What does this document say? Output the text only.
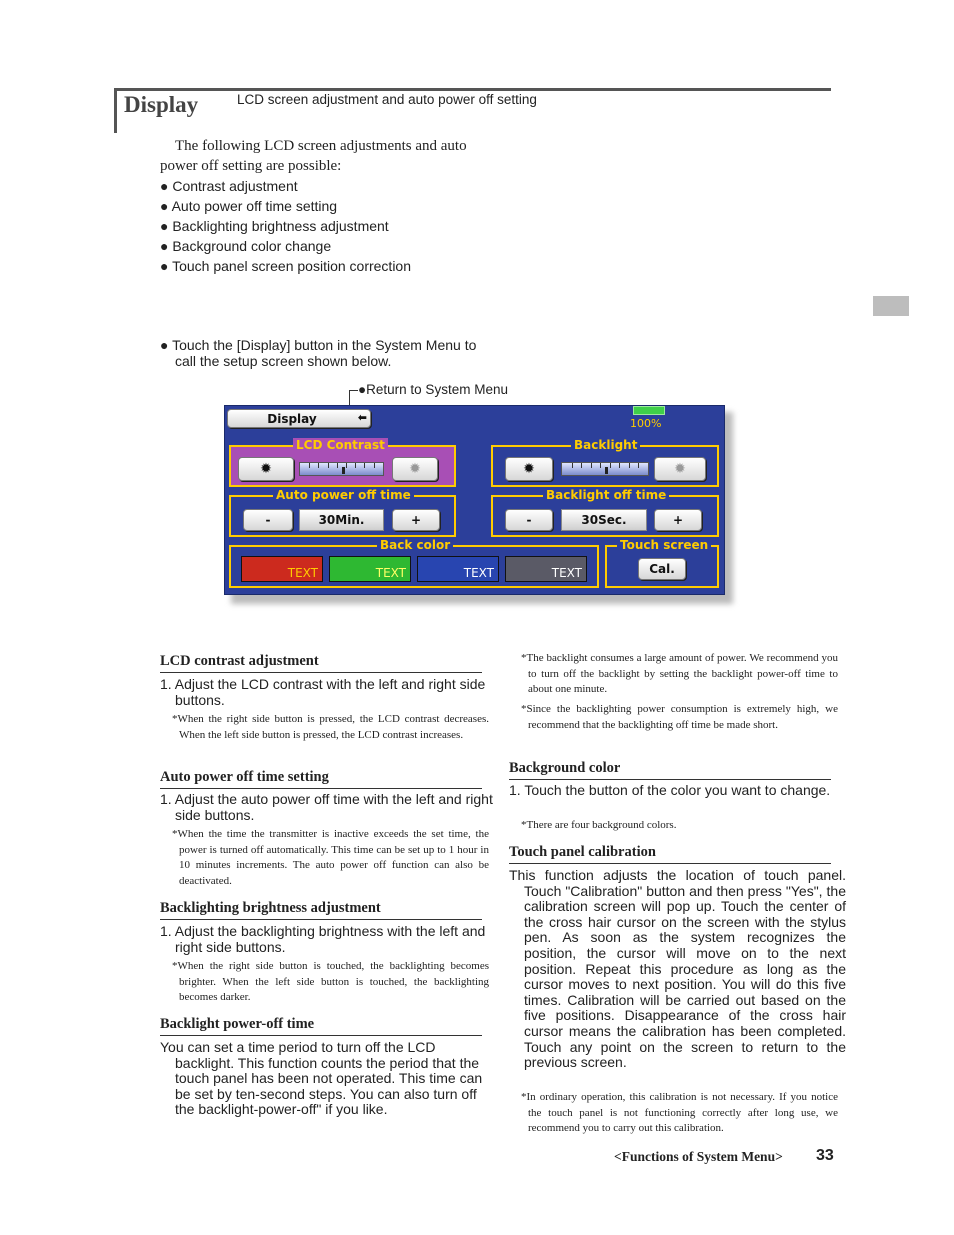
Display	LCD screen adjustment and auto power off setting
The following LCD screen adjustments and auto power off setting are possible:
● Contrast adjustment
● Auto power off time setting
● Backlighting brightness adjustment
● Background color change
● Touch panel screen position correction
● Touch the [Display] button in the System Menu to
call the setup screen shown below.
●Return to System Menu
Display	⬅	100%
LCD Contrast
✹	✹
Backlight
✹	✹
Auto power off time
-	30Min.	+
Backlight off time
-	30Sec.	+
Back color
TEXT	TEXT	TEXT	TEXT
Touch screen
Cal.
LCD contrast adjustment
1. Adjust the LCD contrast with the left and right side buttons.
*When the right side button is pressed, the LCD contrast decreases. When the left side button is pressed, the LCD contrast increases.
Auto power off time setting
1. Adjust the auto power off time with the left and right side buttons.
*When the time the transmitter is inactive exceeds the set time, the power is turned off automatically. This time can be set up to 1 hour in 10 minutes increments. The auto power off function can also be deactivated.
Backlighting brightness adjustment
1. Adjust the backlighting brightness with the left and right side buttons.
*When the right side button is touched, the backlighting becomes brighter. When the left side button is touched, the backlighting becomes darker.
Backlight power-off time
You can set a time period to turn off the LCD backlight. This function counts the period that the touch panel has been not operated. This time can be set by ten-second steps. You can also turn off the backlight-power-off" if you like.
*The backlight consumes a large amount of power. We recommend you to turn off the backlight by setting the backlight power-off time to about one minute.
*Since the backlighting power consumption is extremely high, we recommend that the backlighting off time be made short.
Background color
1. Touch the button of the color you want to change.
*There are four background colors.
Touch panel calibration
This function adjusts the location of touch panel. Touch "Calibration" button and then press "Yes", the calibration screen will pop up. Touch the center of the cross hair cursor on the screen with the stylus pen. As soon as the system recognizes the position, the cursor will move on to the next position. Repeat this procedure as long as the cursor moves to next position. You will do this five times. Calibration will be carried out based on the five positions. Disappearance of the cross hair cursor means the calibration has been completed. Touch any point on the screen to return to the previous screen.
*In ordinary operation, this calibration is not necessary. If you notice the touch panel is not functioning correctly after long use, we recommend you to carry out this calibration.
<Functions of System Menu> 33
